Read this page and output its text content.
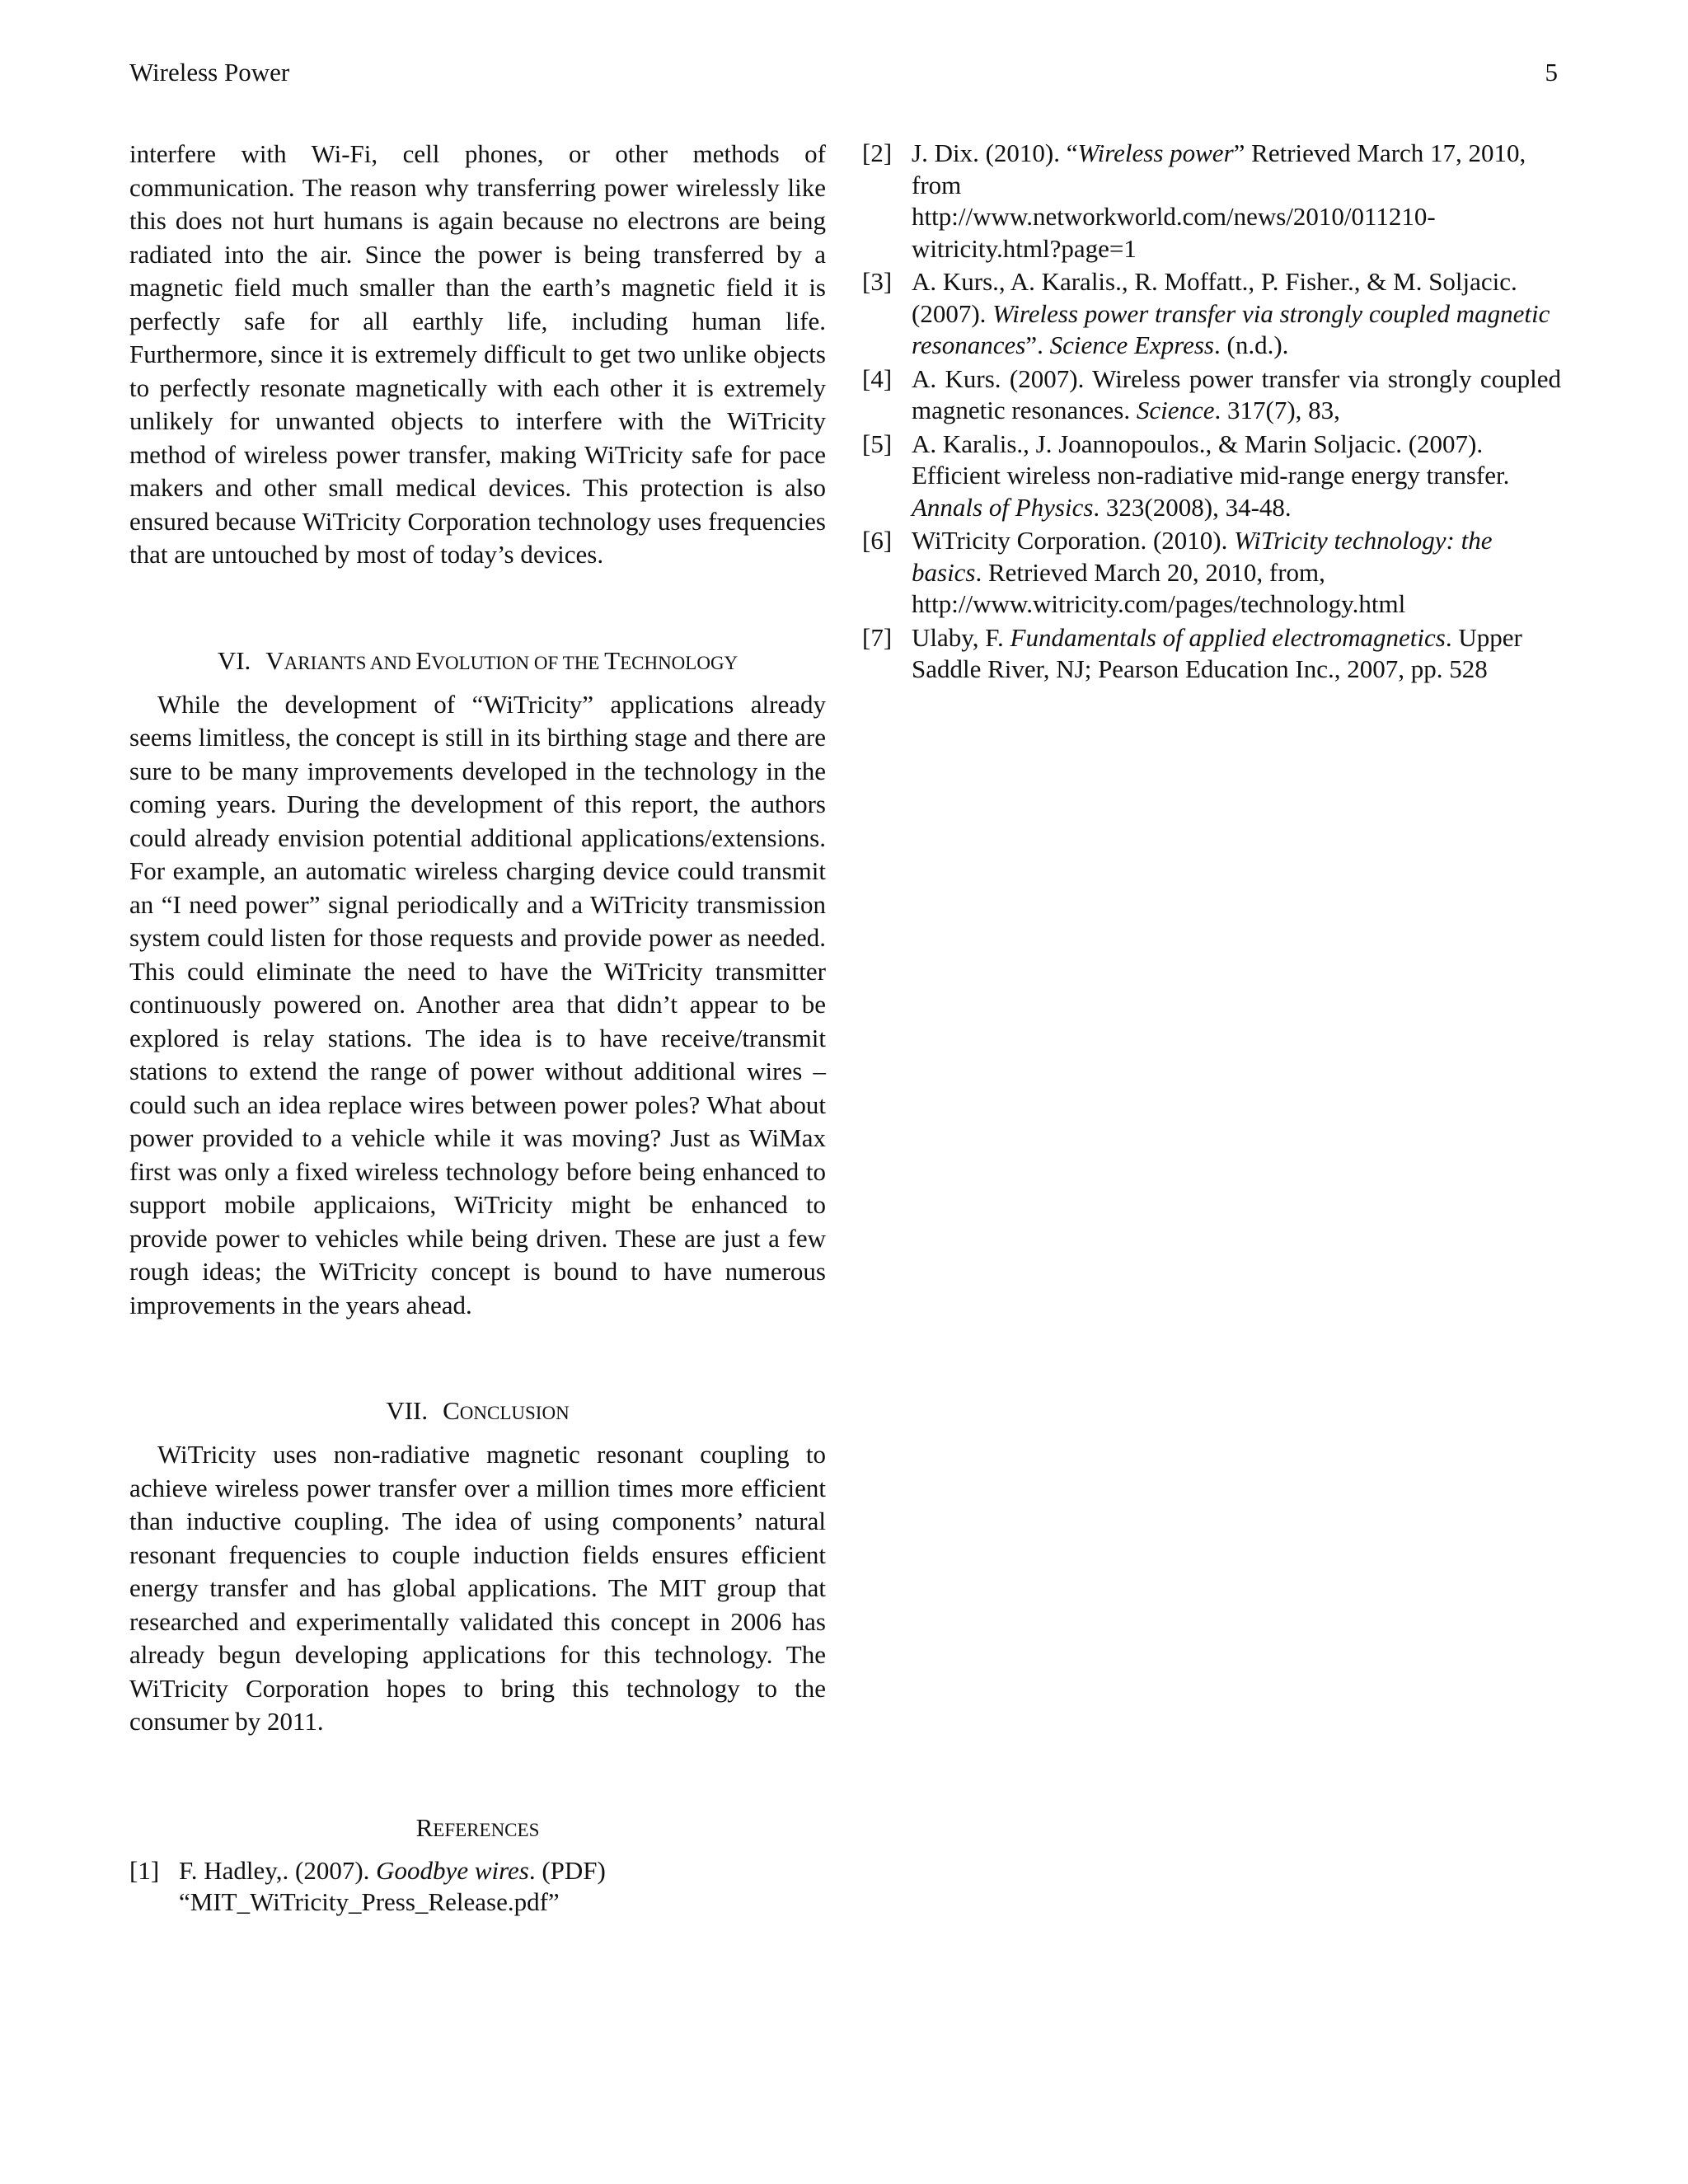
Wireless Power	5

interfere with Wi-Fi, cell phones, or other methods of communication. The reason why transferring power wirelessly like this does not hurt humans is again because no electrons are being radiated into the air. Since the power is being transferred by a magnetic field much smaller than the earth’s magnetic field it is perfectly safe for all earthly life, including human life. Furthermore, since it is extremely difficult to get two unlike objects to perfectly resonate magnetically with each other it is extremely unlikely for unwanted objects to interfere with the WiTricity method of wireless power transfer, making WiTricity safe for pace makers and other small medical devices. This protection is also ensured because WiTricity Corporation technology uses frequencies that are untouched by most of today’s devices.

VI. VARIANTS AND EVOLUTION OF THE TECHNOLOGY

While the development of “WiTricity” applications already seems limitless, the concept is still in its birthing stage and there are sure to be many improvements developed in the technology in the coming years. During the development of this report, the authors could already envision potential additional applications/extensions. For example, an automatic wireless charging device could transmit an “I need power” signal periodically and a WiTricity transmission system could listen for those requests and provide power as needed. This could eliminate the need to have the WiTricity transmitter continuously powered on. Another area that didn’t appear to be explored is relay stations. The idea is to have receive/transmit stations to extend the range of power without additional wires – could such an idea replace wires between power poles? What about power provided to a vehicle while it was moving? Just as WiMax first was only a fixed wireless technology before being enhanced to support mobile applicaions, WiTricity might be enhanced to provide power to vehicles while being driven. These are just a few rough ideas; the WiTricity concept is bound to have numerous improvements in the years ahead.

VII. CONCLUSION

WiTricity uses non-radiative magnetic resonant coupling to achieve wireless power transfer over a million times more efficient than inductive coupling. The idea of using components’ natural resonant frequencies to couple induction fields ensures efficient energy transfer and has global applications. The MIT group that researched and experimentally validated this concept in 2006 has already begun developing applications for this technology. The WiTricity Corporation hopes to bring this technology to the consumer by 2011.

REFERENCES
[1] F. Hadley,. (2007). Goodbye wires. (PDF)
“MIT_WiTricity_Press_Release.pdf”
[2] J. Dix. (2010). “Wireless power” Retrieved March 17, 2010, from
http://www.networkworld.com/news/2010/011210-
witricity.html?page=1
[3] A. Kurs., A. Karalis., R. Moffatt., P. Fisher., & M. Soljacic. (2007). Wireless power transfer via strongly coupled magnetic resonances”. Science Express. (n.d.).
[4] A. Kurs. (2007). Wireless power transfer via strongly coupled magnetic resonances. Science. 317(7), 83,
[5] A. Karalis., J. Joannopoulos., & Marin Soljacic. (2007). Efficient wireless non-radiative mid-range energy transfer. Annals of Physics. 323(2008), 34-48.
[6] WiTricity Corporation. (2010). WiTricity technology: the basics. Retrieved March 20, 2010, from,
http://www.witricity.com/pages/technology.html
[7] Ulaby, F. Fundamentals of applied electromagnetics. Upper Saddle River, NJ; Pearson Education Inc., 2007, pp. 528
